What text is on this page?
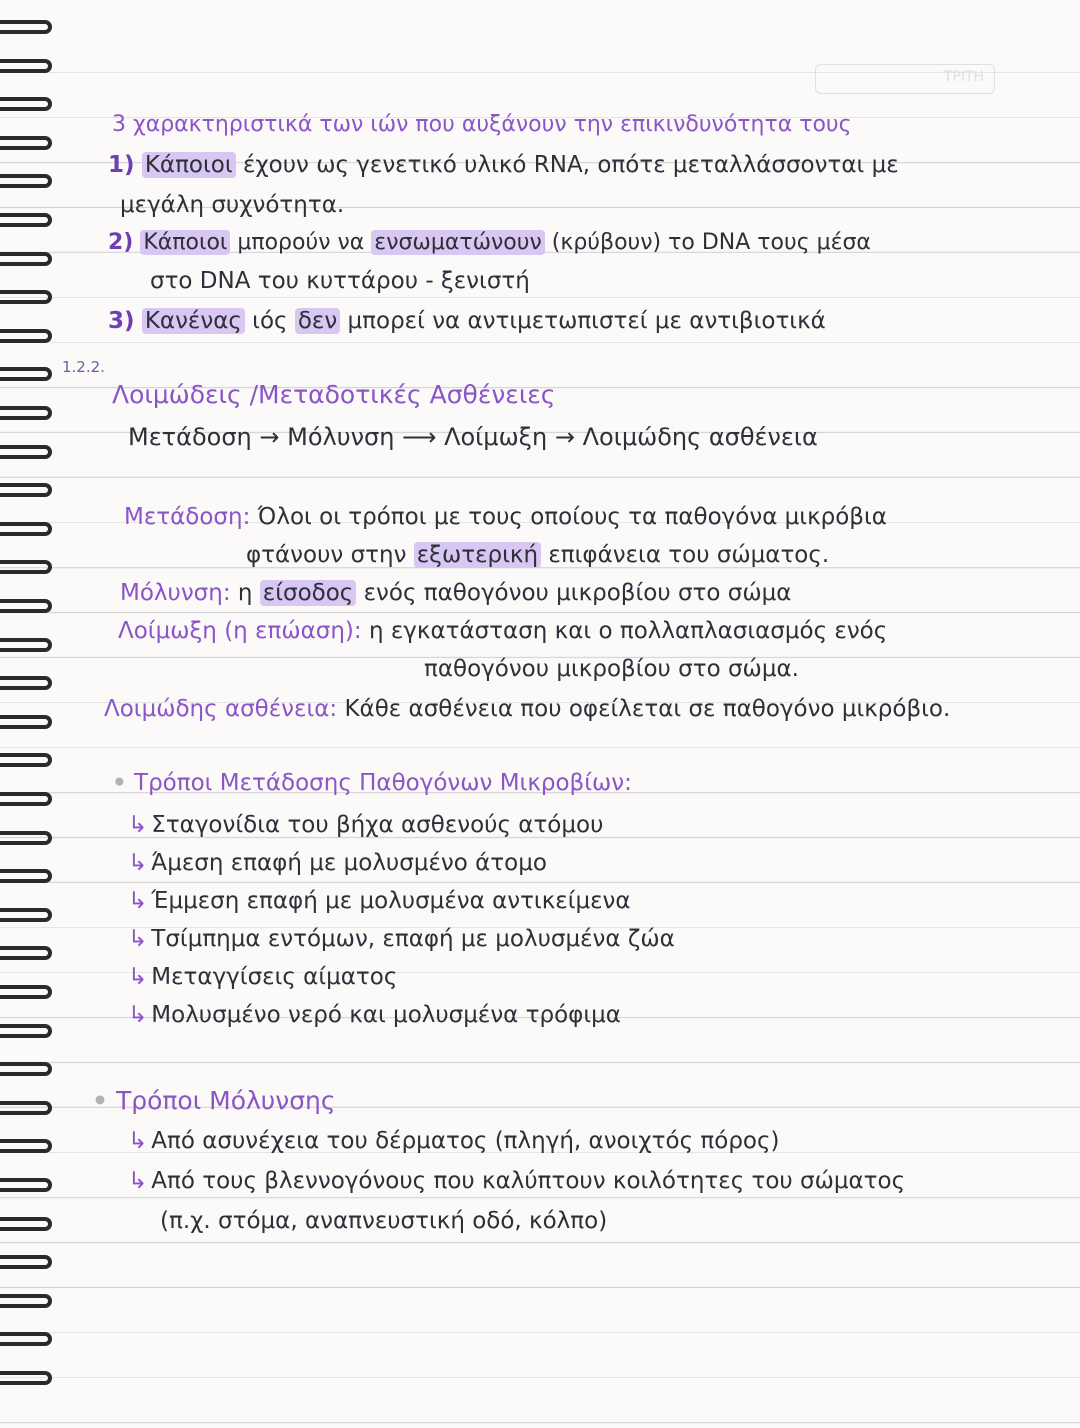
ΤΡΙΤΗ
3 χαρακτηριστικά των ιών που αυξάνουν την επικινδυνότητα τους
1) Κάποιοι έχουν ως γενετικό υλικό RNA, οπότε μεταλλάσσονται με
μεγάλη συχνότητα.
2) Κάποιοι μπορούν να ενσωματώνουν (κρύβουν) το DNA τους μέσα
στο DNA του κυττάρου - ξενιστή
3) Κανένας ιός δεν μπορεί να αντιμετωπιστεί με αντιβιοτικά
1.2.2.
Λοιμώδεις /Μεταδοτικές Ασθένειες
Μετάδοση → Μόλυνση ⟶ Λοίμωξη → Λοιμώδης ασθένεια
Μετάδοση: Όλοι οι τρόποι με τους οποίους τα παθογόνα μικρόβια
φτάνουν στην εξωτερική επιφάνεια του σώματος.
Μόλυνση: η είσοδος ενός παθογόνου μικροβίου στο σώμα
Λοίμωξη (η επώαση): η εγκατάσταση και ο πολλαπλασιασμός ενός
παθογόνου μικροβίου στο σώμα.
Λοιμώδης ασθένεια: Κάθε ασθένεια που οφείλεται σε παθογόνο μικρόβιο.
• Τρόποι Μετάδοσης Παθογόνων Μικροβίων:
↳ Σταγονίδια του βήχα ασθενούς ατόμου
↳ Άμεση επαφή με μολυσμένο άτομο
↳ Έμμεση επαφή με μολυσμένα αντικείμενα
↳ Τσίμπημα εντόμων, επαφή με μολυσμένα ζώα
↳ Μεταγγίσεις αίματος
↳ Μολυσμένο νερό και μολυσμένα τρόφιμα
• Τρόποι Μόλυνσης
↳ Από ασυνέχεια του δέρματος (πληγή, ανοιχτός πόρος)
↳ Από τους βλεννογόνους που καλύπτουν κοιλότητες του σώματος
(π.χ. στόμα, αναπνευστική οδό, κόλπο)
